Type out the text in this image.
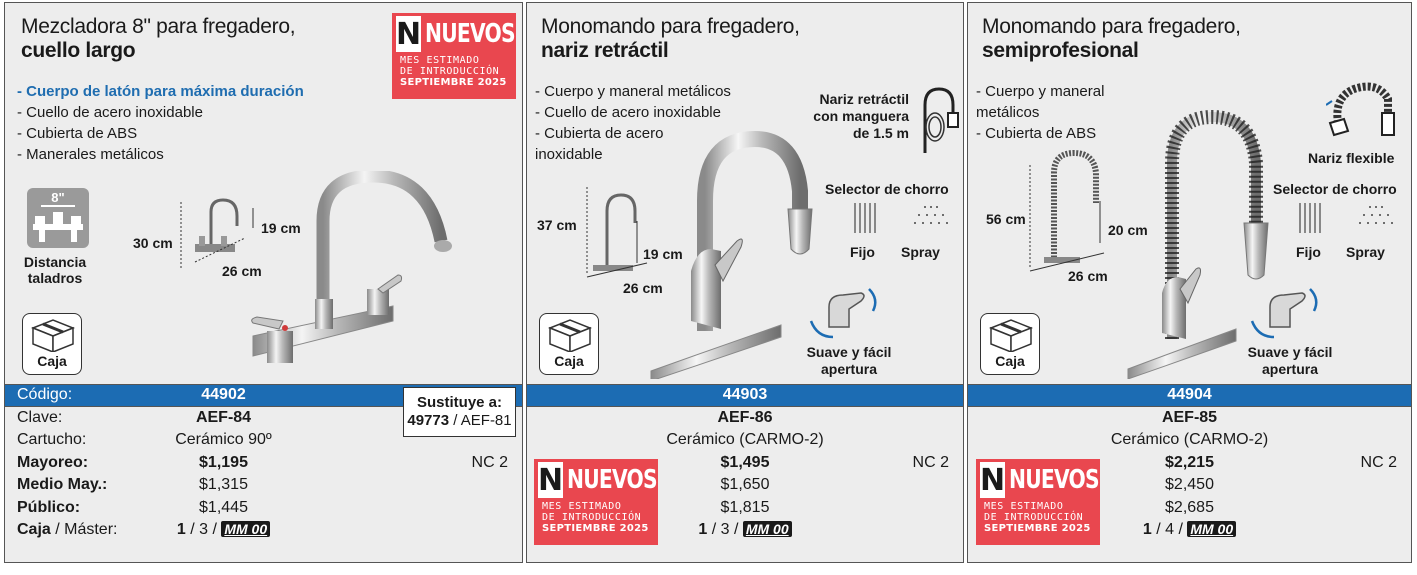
Mezcladora 8" para fregadero,
cuello largo	N NUEVOS
MES ESTIMADO
DE INTRODUCCIÓN
SEPTIEMBRE 2025
- Cuerpo de latón para máxima duración
- Cuello de acero inoxidable
- Cubierta de ABS
- Manerales metálicos
8"
Distancia taladros
30 cm
19 cm
26 cm
Caja
Código:	44902
Clave:	AEF-84
Cartucho:	Cerámico 90º
Mayoreo:	$1,195	NC 2
Medio May.:	$1,315
Público:	$1,445
Caja / Máster:	1 / 3 / MM 00
Sustituye a:
49773 / AEF-81
Monomando para fregadero,
nariz retráctil
- Cuerpo y maneral metálicos
- Cuello de acero inoxidable
- Cubierta de acero inoxidable
Nariz retráctil con manguera de 1.5 m
Selector de chorro
Fijo Spray
Suave y fácil apertura
37 cm
19 cm
26 cm
Caja
44903
AEF-86
Cerámico (CARMO-2)
$1,495	NC 2
$1,650
$1,815
1 / 3 / MM 00
N NUEVOS
MES ESTIMADO
DE INTRODUCCIÓN
SEPTIEMBRE 2025
Monomando para fregadero,
semiprofesional
- Cuerpo y maneral metálicos
- Cubierta de ABS
Nariz flexible
Selector de chorro
Fijo Spray
Suave y fácil apertura
56 cm
20 cm
26 cm
Caja
44904
AEF-85
Cerámico (CARMO-2)
$2,215	NC 2
$2,450
$2,685
1 / 4 / MM 00
N NUEVOS
MES ESTIMADO
DE INTRODUCCIÓN
SEPTIEMBRE 2025
